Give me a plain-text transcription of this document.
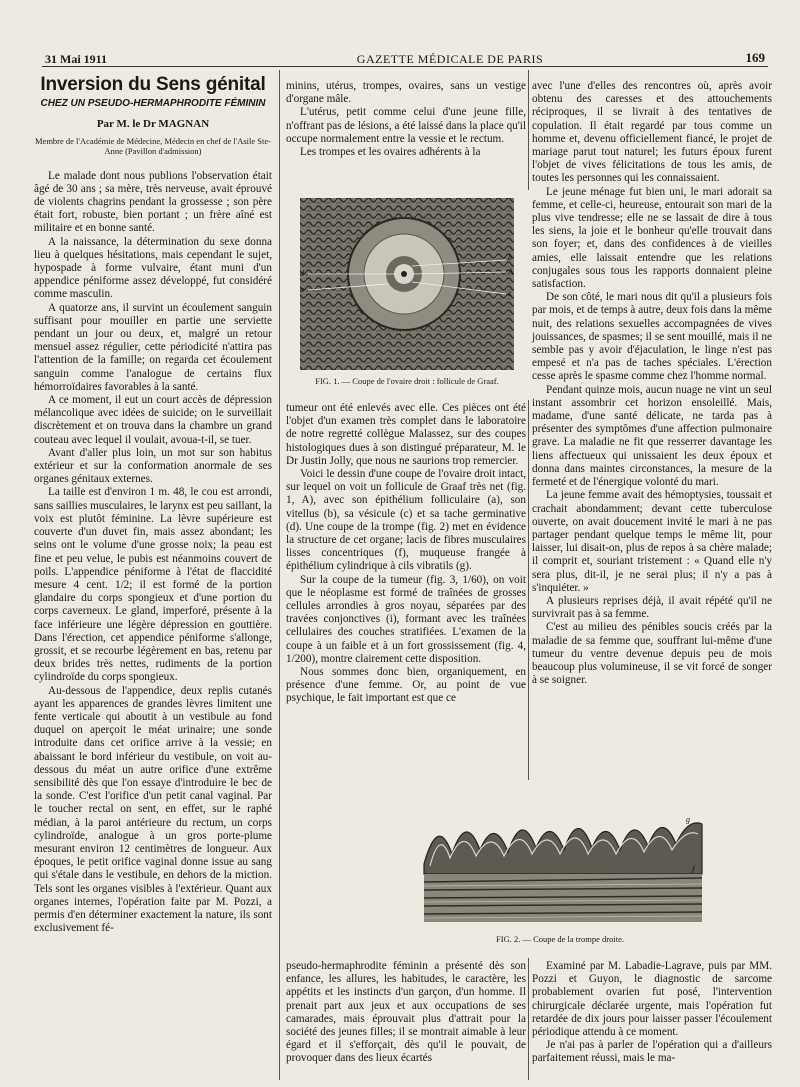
31 Mai 1911	GAZETTE MÉDICALE DE PARIS	169
Inversion du Sens génital
CHEZ UN PSEUDO-HERMAPHRODITE FÉMININ
Par M. le Dr MAGNAN
Membre de l'Académie de Médecine, Médecin en chef de l'Asile Ste-Anne (Pavillon d'admission)

Le malade dont nous publions l'observation était âgé de 30 ans ; sa mère, très nerveuse, avait éprouvé de violents chagrins pendant la grossesse ; son père était fort, robuste, bien portant ; un frère aîné est militaire et en bonne santé.

A la naissance, la détermination du sexe donna lieu à quelques hésitations, mais cependant le sujet, hypospade à forme vulvaire, étant muni d'un appendice péniforme assez développé, fut considéré comme masculin.

A quatorze ans, il survint un écoulement sanguin suffisant pour mouiller en partie une serviette pendant un jour ou deux, et, malgré un retour mensuel assez régulier, cette périodicité n'attira pas l'attention de la famille; on regarda cet écoulement sanguin comme l'analogue de certains flux hémorroïdaires favorables à la santé.

A ce moment, il eut un court accès de dépression mélancolique avec idées de suicide; on le surveillait discrètement et on trouva dans la chambre un grand couteau avec lequel il voulait, avoua-t-il, se tuer.

Avant d'aller plus loin, un mot sur son habitus extérieur et sur la conformation anormale de ses organes génitaux externes.

La taille est d'environ 1 m. 48, le cou est arrondi, sans saillies musculaires, le larynx est peu saillant, la voix est plutôt féminine. La lèvre supérieure est couverte d'un duvet fin, mais assez abondant; les seins ont le volume d'une grosse noix; la peau est fine et peu velue, le pubis est néanmoins couvert de poils. L'appendice péniforme à l'état de flaccidité mesure 4 cent. 1/2; il est formé de la portion glandaire du corps spongieux et d'une portion du corps caverneux. Le gland, imperforé, présente à la face inférieure une légère dépression en gouttière. Dans l'érection, cet appendice péniforme s'allonge, grossit, et se recourbe légèrement en bas, retenu par deux brides très nettes, rudiments de la portion cylindroïde du corps spongieux.

Au-dessous de l'appendice, deux replis cutanés ayant les apparences de grandes lèvres limitent une fente verticale qui aboutit à un vestibule au fond duquel on aperçoit le méat urinaire; une sonde introduite dans cet orifice arrive à la vessie; en abaissant le bord inférieur du vestibule, on voit au-dessous du méat un autre orifice d'une extrême sensibilité dès que l'on essaye d'introduire le bec de la sonde. C'est l'orifice d'un petit canal vaginal. Par le toucher rectal on sent, en effet, sur le raphé médian, à la paroi antérieure du rectum, un corps cylindroïde, analogue à un gros porte-plume mesurant environ 12 centimètres de longueur. Aux époques, le petit orifice vaginal donne issue au sang qui s'étale dans le vestibule, en dehors de la miction. Tels sont les organes visibles à l'extérieur. Quant aux organes internes, l'opération faite par M. Pozzi, a permis d'en déterminer exactement la nature, ils sont exclusivement fé-

minins, utérus, trompes, ovaires, sans un vestige d'organe mâle.

L'utérus, petit comme celui d'une jeune fille, n'offrant pas de lésions, a été laissé dans la place qu'il occupe normalement entre la vessie et le rectum.

Les trompes et les ovaires adhérents à la

b
A
c
d
a
FIG. 1. — Coupe de l'ovaire droit : follicule de Graaf.

tumeur ont été enlevés avec elle. Ces pièces ont été l'objet d'un examen très complet dans le laboratoire de notre regretté collègue Malassez, sur des coupes histologiques dues à son distingué préparateur, M. le Dr Justin Jolly, que nous ne saurions trop remercier.

Voici le dessin d'une coupe de l'ovaire droit intact, sur lequel on voit un follicule de Graaf très net (fig. 1, A), avec son épithélium folliculaire (a), son vitellus (b), sa vésicule (c) et sa tache germinative (d). Une coupe de la trompe (fig. 2) met en évidence la structure de cet organe; lacis de fibres musculaires lisses concentriques (f), muqueuse frangée à épithélium cylindrique à cils vibratils (g).

Sur la coupe de la tumeur (fig. 3, 1/60), on voit que le néoplasme est formé de traînées de grosses cellules arrondies à gros noyau, séparées par des travées conjonctives (i), formant avec les traînées cellulaires des couches stratifiées. L'examen de la coupe à un faible et à un fort grossissement (fig. 4, 1/200), montre clairement cette disposition.

Nous sommes donc bien, organiquement, en présence d'une femme. Or, au point de vue psychique, le fait important est que ce

avec l'une d'elles des rencontres où, après avoir obtenu des caresses et des attouchements réciproques, il se livrait à des tentatives de copulation. Il était regardé par tous comme un homme et, devenu officiellement fiancé, le projet de mariage parut tout naturel; les futurs époux furent l'objet de vives félicitations de tous les amis, de toutes les personnes qui les connaissaient.

Le jeune ménage fut bien uni, le mari adorait sa femme, et celle-ci, heureuse, entourait son mari de la plus vive tendresse; elle ne se lassait de dire à tous les siens, la joie et le bonheur qu'elle trouvait dans son foyer; et, dans des confidences à de vieilles amies, elle laissait entendre que les relations conjugales sous tous les rapports donnaient pleine satisfaction.

De son côté, le mari nous dit qu'il a plusieurs fois par mois, et de temps à autre, deux fois dans la même nuit, des relations sexuelles accompagnées de vives jouissances, de spasmes; il se sent mouillé, mais il ne semble pas y avoir d'éjaculation, le linge n'est pas empesé et n'a pas de taches spéciales. L'érection cesse après le spasme comme chez l'homme normal.

Pendant quinze mois, aucun nuage ne vint un seul instant assombrir cet horizon ensoleillé. Mais, madame, d'une santé délicate, ne tarda pas à présenter des symptômes d'une affection pulmonaire grave. La maladie ne fit que resserrer davantage les liens affectueux qui unissaient les deux époux et donna dans maintes circonstances, la mesure de la fermeté et de l'énergique volonté du mari.

La jeune femme avait des hémoptysies, toussait et crachait abondamment; devant cette tuberculose ouverte, on avait doucement invité le mari à ne pas partager pendant quelque temps le même lit, pour laisser, lui disait-on, plus de repos à sa chère malade; il comprit et, souriant tristement : « Quand elle n'y sera plus, dit-il, je ne serai plus; il n'y a pas à s'inquiéter. »

A plusieurs reprises déjà, il avait répété qu'il ne survivrait pas à sa femme.

C'est au milieu des pénibles soucis créés par la maladie de sa femme que, souffrant lui-même d'une tumeur du ventre devenue depuis peu de mois beaucoup plus volumineuse, il se vit forcé de songer à se soigner.

g
f
FIG. 2. — Coupe de la trompe droite.

pseudo-hermaphrodite féminin a présenté dès son enfance, les allures, les habitudes, le caractère, les appétits et les instincts d'un garçon, d'un homme. Il prenait part aux jeux et aux occupations de ses camarades, mais éprouvait plus d'attrait pour la société des jeunes filles; il se montrait aimable à leur égard et il s'efforçait, dès qu'il le pouvait, de provoquer dans des lieux écartés

Examiné par M. Labadie-Lagrave, puis par MM. Pozzi et Guyon, le diagnostic de sarcome probablement ovarien fut posé, l'intervention chirurgicale déclarée urgente, mais l'opération fut retardée de dix jours pour laisser passer l'écoulement périodique attendu à ce moment.

Je n'ai pas à parler de l'opération qui a d'ailleurs parfaitement réussi, mais le ma-
